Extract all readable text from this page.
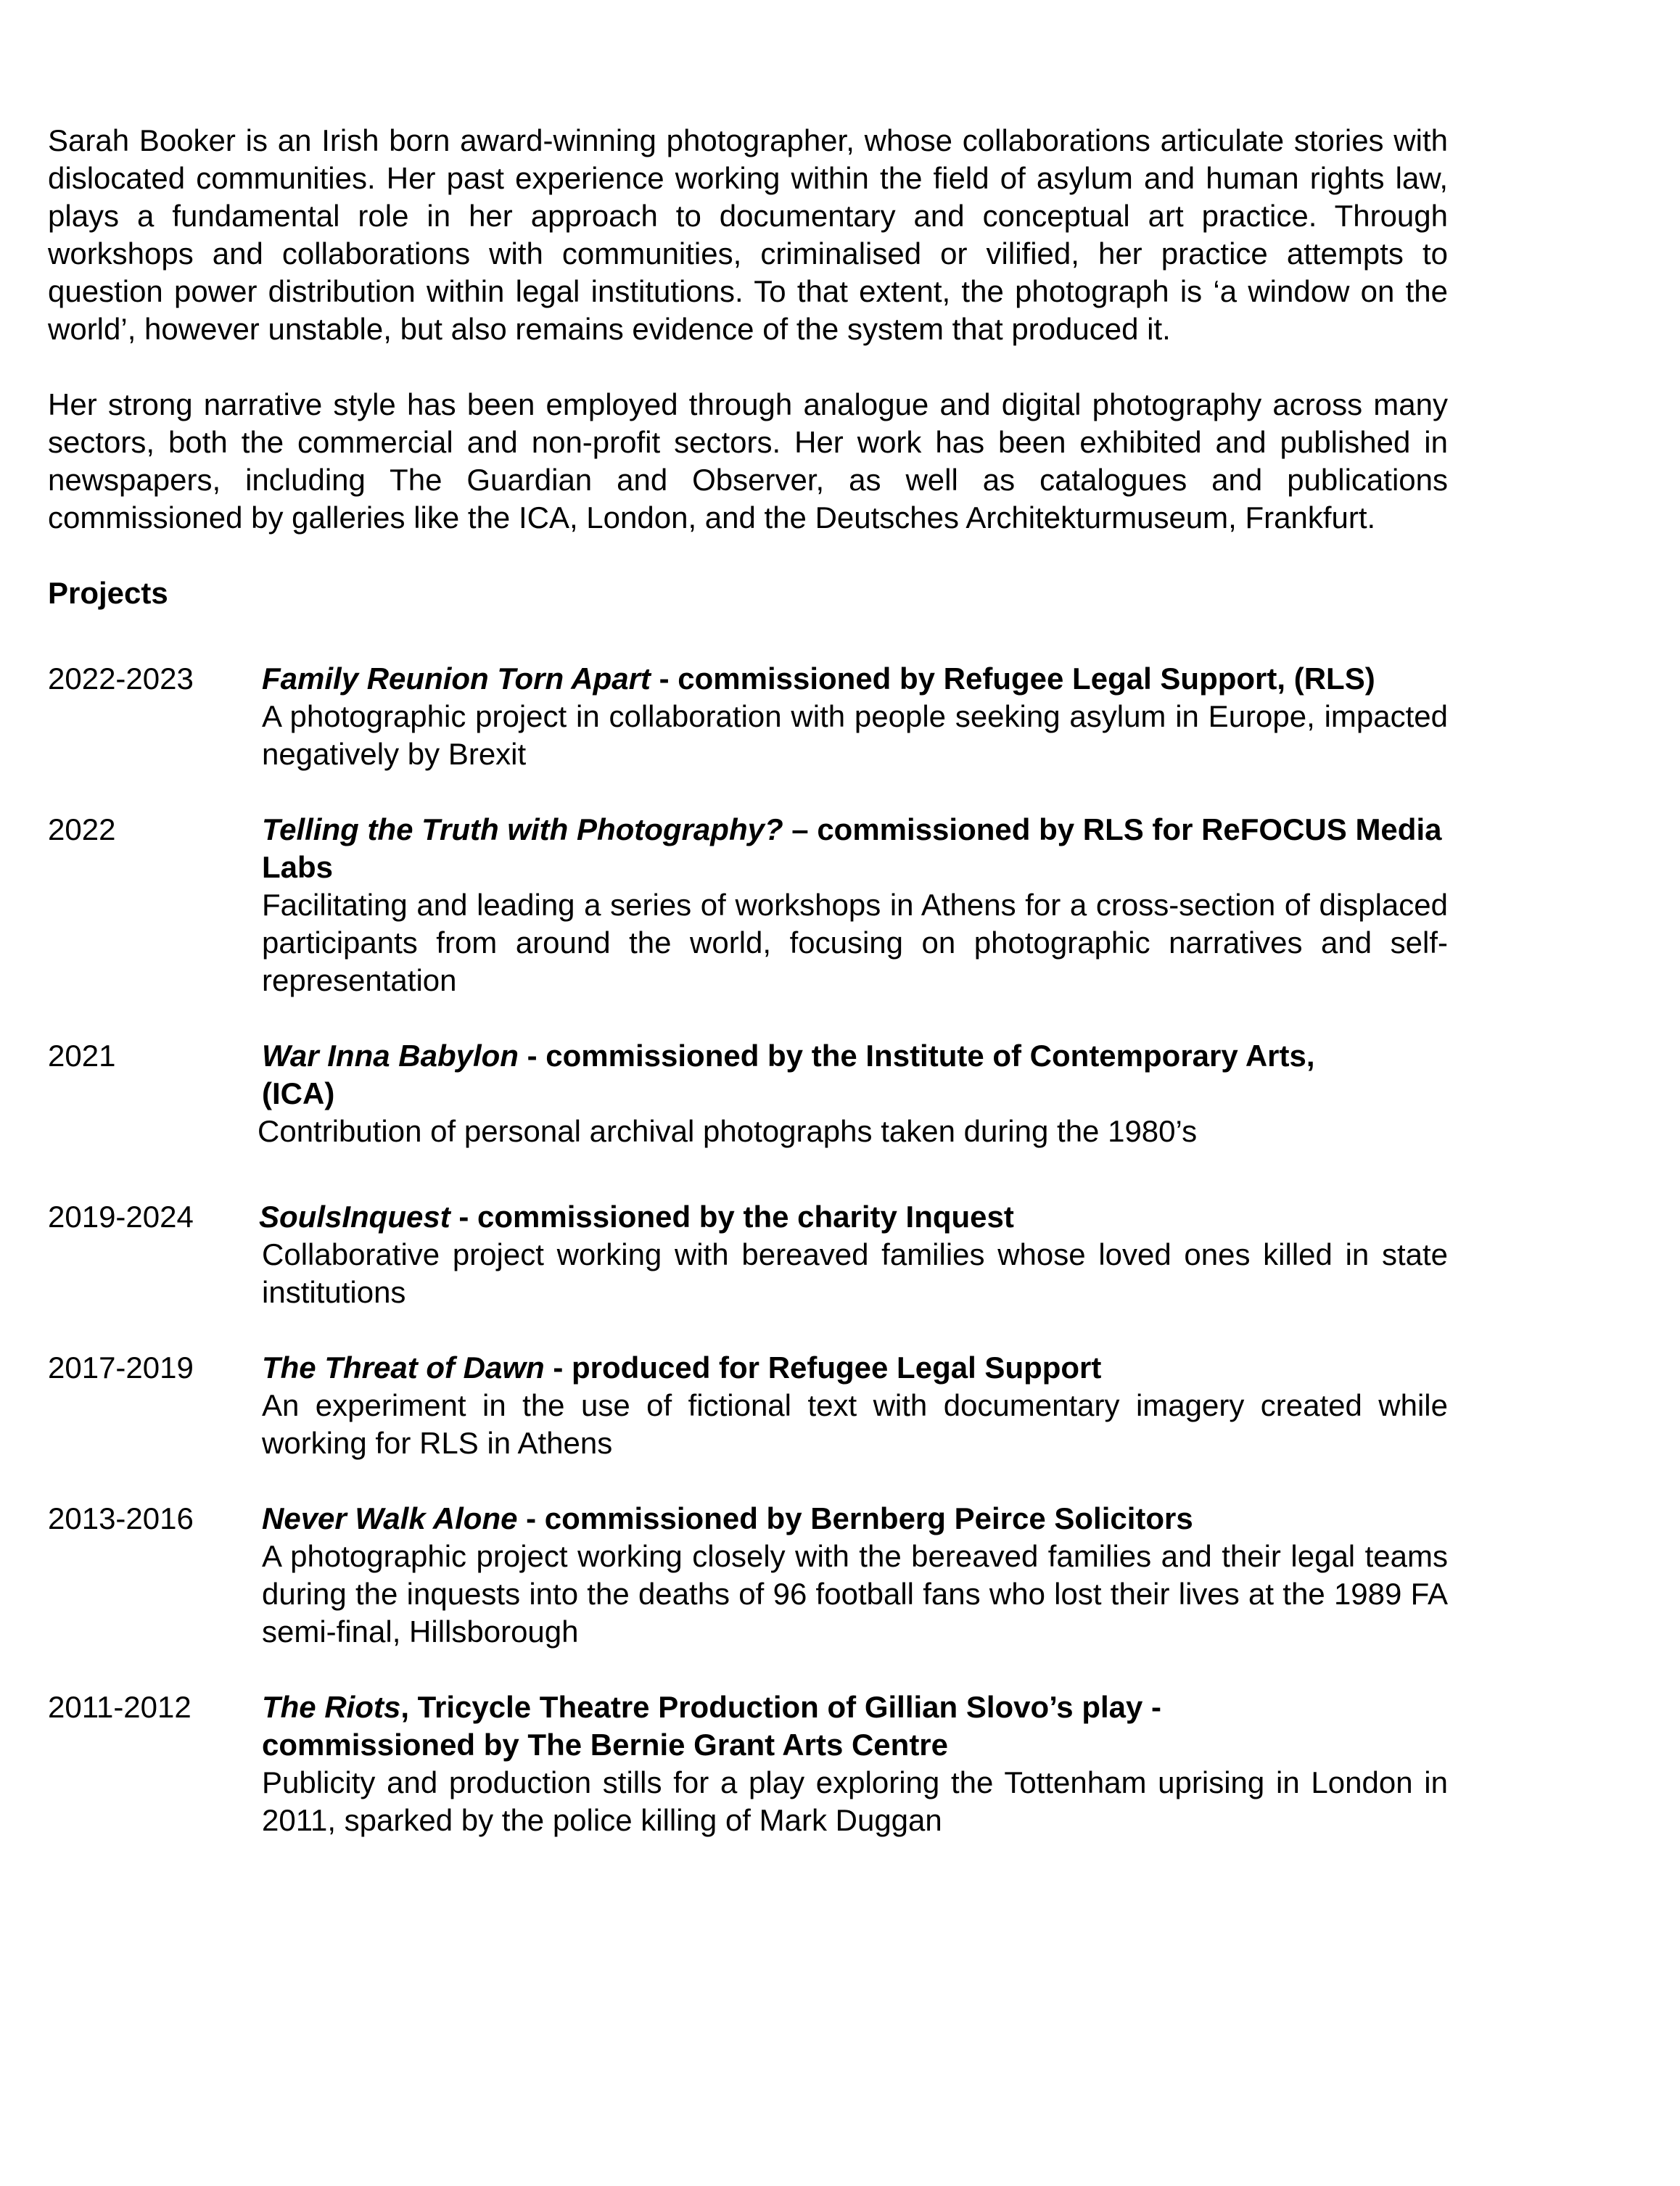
Sarah Booker is an Irish born award-winning photographer, whose collaborations articulate stories with dislocated communities. Her past experience working within the field of asylum and human rights law, plays a fundamental role in her approach to documentary and conceptual art practice. Through workshops and collaborations with communities, criminalised or vilified, her practice attempts to question power distribution within legal institutions. To that extent, the photograph is ‘a window on the world’, however unstable, but also remains evidence of the system that produced it.

Her strong narrative style has been employed through analogue and digital photography across many sectors, both the commercial and non-profit sectors. Her work has been exhibited and published in newspapers, including The Guardian and Observer, as well as catalogues and publications commissioned by galleries like the ICA, London, and the Deutsches Architekturmuseum, Frankfurt.

Projects
2022-2023	Family Reunion Torn Apart - commissioned by Refugee Legal Support, (RLS)
A photographic project in collaboration with people seeking asylum in Europe, impacted negatively by Brexit
2022	Telling the Truth with Photography? – commissioned by RLS for ReFOCUS Media Labs
Facilitating and leading a series of workshops in Athens for a cross-section of displaced participants from around the world, focusing on photographic narratives and self-representation
2021	War Inna Babylon - commissioned by the Institute of Contemporary Arts, (ICA)
Contribution of personal archival photographs taken during the 1980’s
2019-2024	SoulsInquest - commissioned by the charity Inquest
Collaborative project working with bereaved families whose loved ones killed in state institutions
2017-2019	The Threat of Dawn - produced for Refugee Legal Support
An experiment in the use of fictional text with documentary imagery created while working for RLS in Athens
2013-2016	Never Walk Alone - commissioned by Bernberg Peirce Solicitors
A photographic project working closely with the bereaved families and their legal teams during the inquests into the deaths of 96 football fans who lost their lives at the 1989 FA semi-final, Hillsborough
2011-2012	The Riots, Tricycle Theatre Production of Gillian Slovo’s play - commissioned by The Bernie Grant Arts Centre
Publicity and production stills for a play exploring the Tottenham uprising in London in 2011, sparked by the police killing of Mark Duggan
